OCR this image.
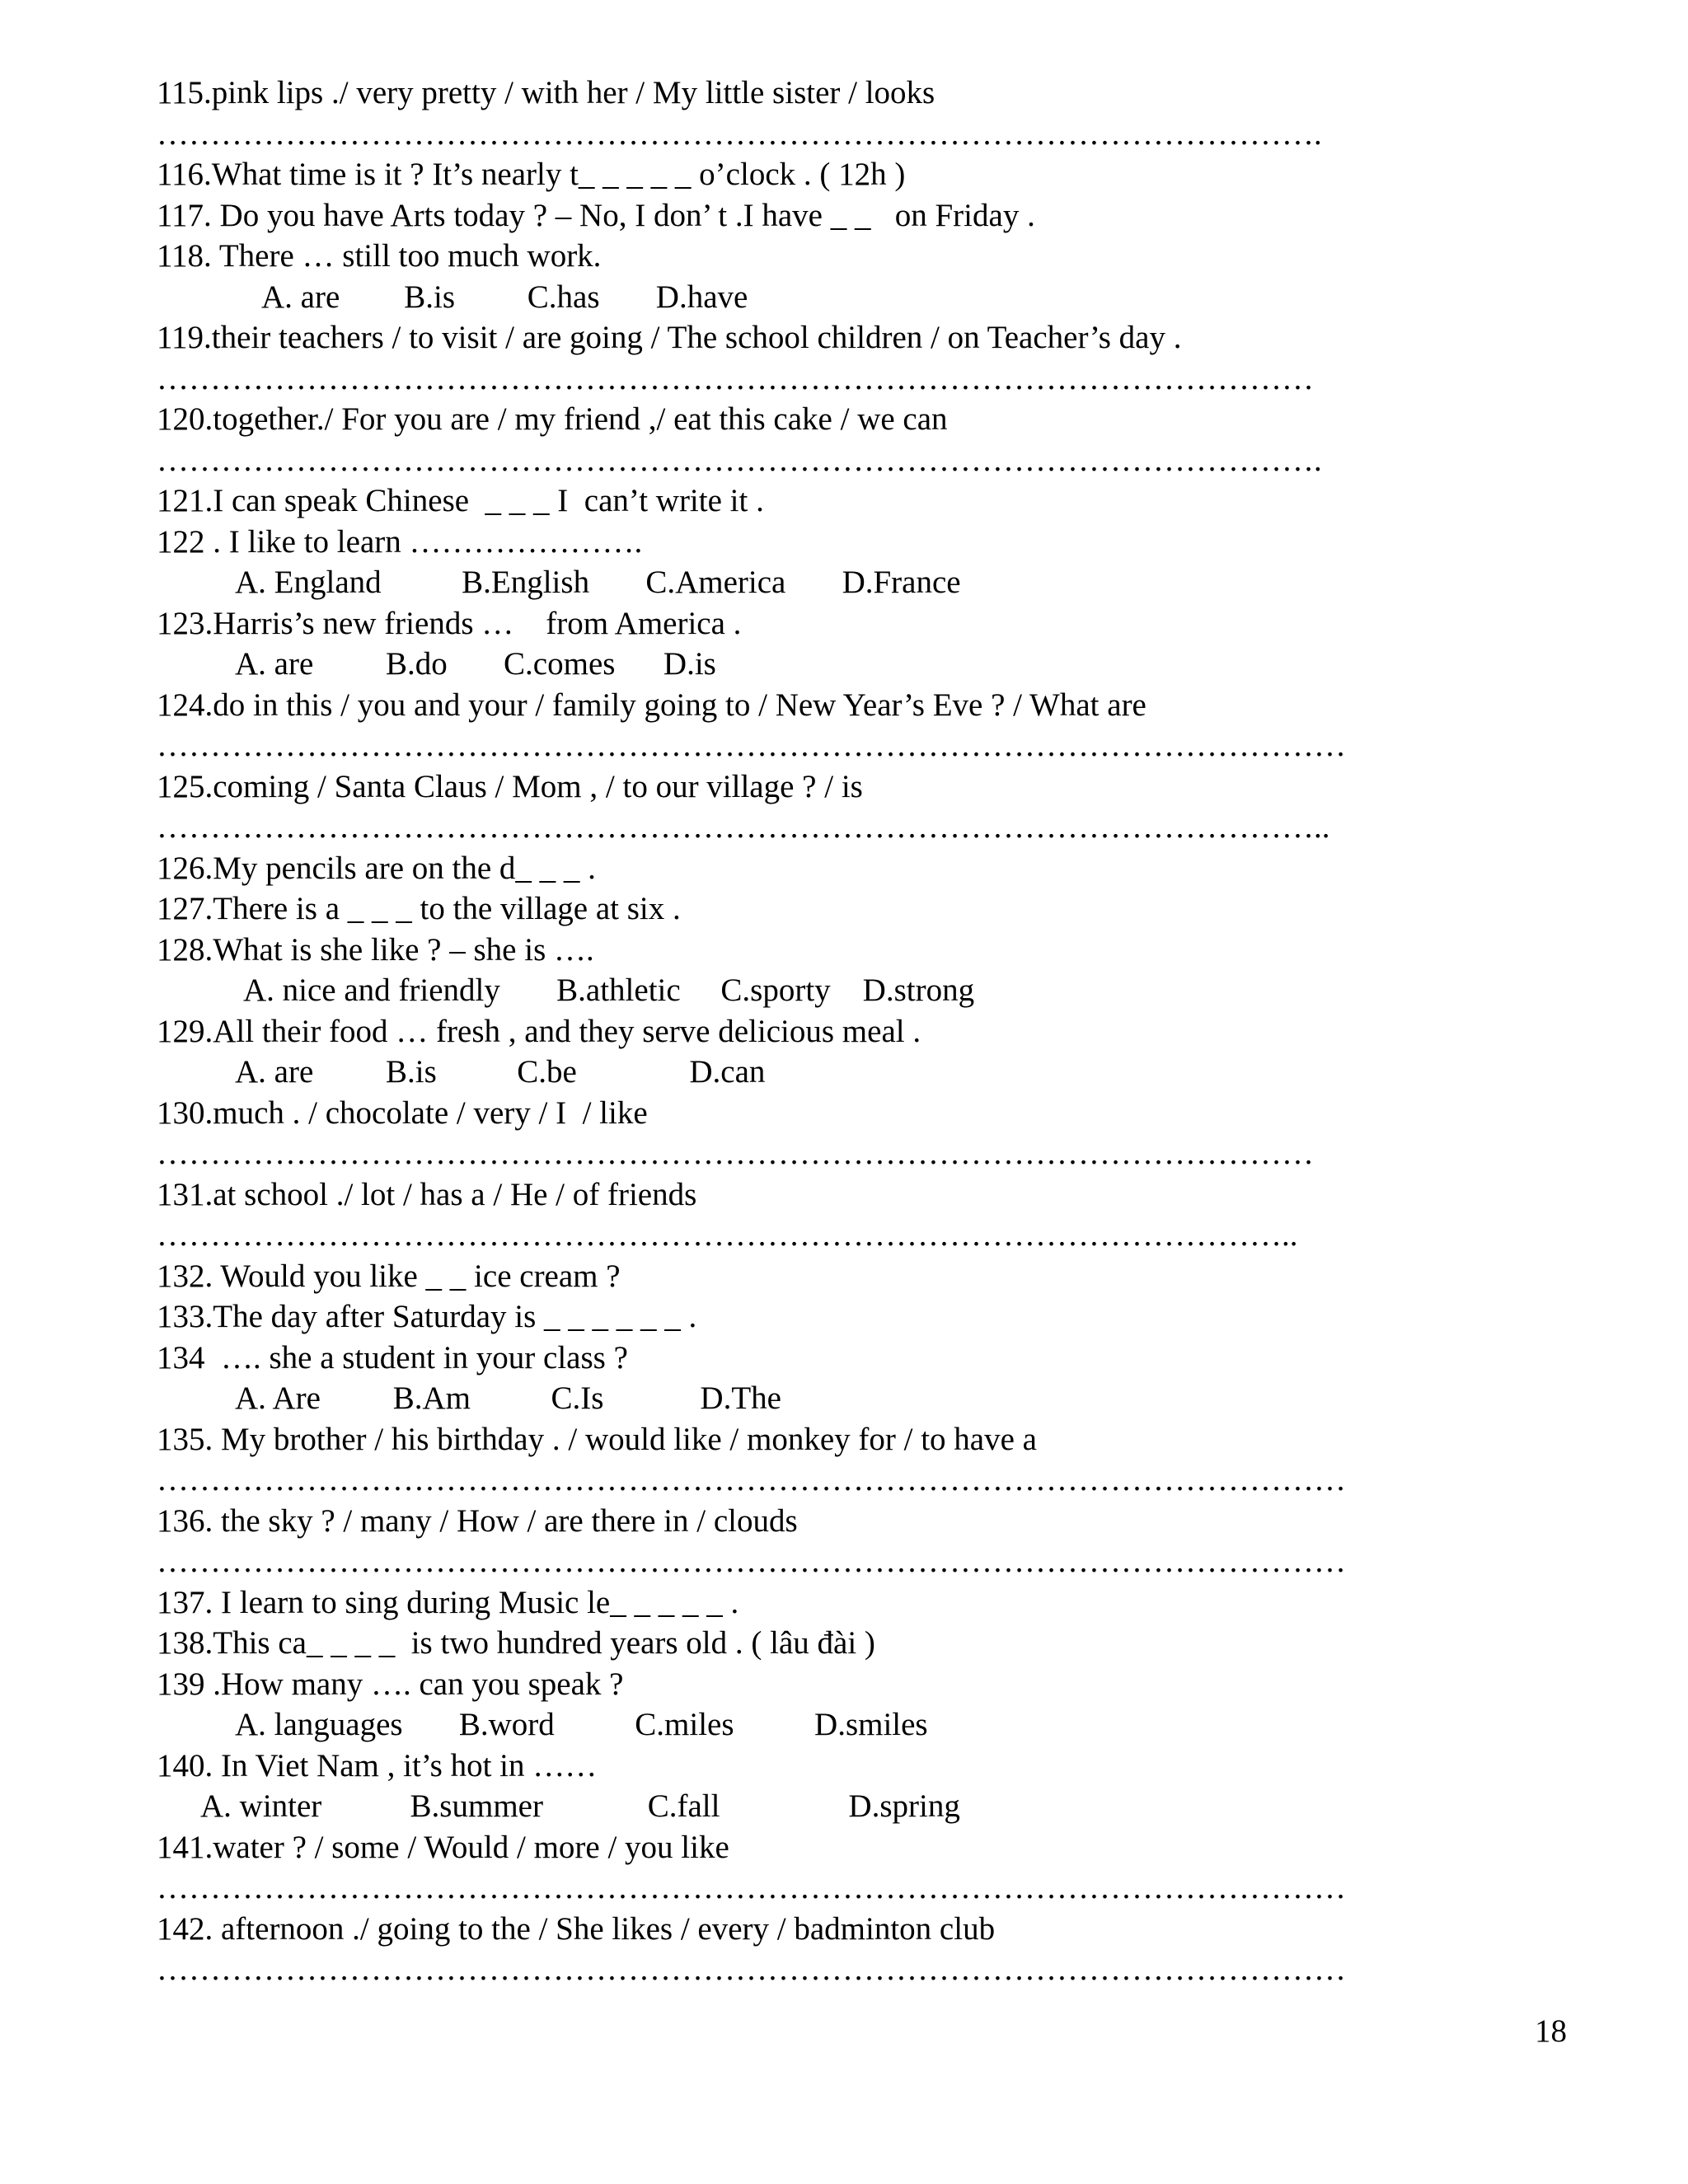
115.pink lips ./ very pretty / with her / My little sister / looks
……………………………………………………………………………………………….
116.What time is it ? It’s nearly t_ _ _ _ _ o’clock . ( 12h )
117. Do you have Arts today ? – No, I don’ t .I have _ _   on Friday .
118. There … still too much work.
A. are        B.is         C.has       D.have
119.their teachers / to visit / are going / The school children / on Teacher’s day .
………………………………………………………………………………………………
120.together./ For you are / my friend ,/ eat this cake / we can
……………………………………………………………………………………………….
121.I can speak Chinese  _ _ _ I  can’t write it .
122 . I like to learn ………………….
A. England          B.English       C.America       D.France
123.Harris’s new friends …    from America .
A. are         B.do       C.comes      D.is
124.do in this / you and your / family going to / New Year’s Eve ? / What are
…………………………………………………………………………………………………
125.coming / Santa Claus / Mom , / to our village ? / is
………………………………………………………………………………………………..
126.My pencils are on the d_ _ _ .
127.There is a _ _ _ to the village at six .
128.What is she like ? – she is ….
A. nice and friendly       B.athletic     C.sporty    D.strong
129.All their food … fresh , and they serve delicious meal .
A. are         B.is          C.be              D.can
130.much . / chocolate / very / I  / like
………………………………………………………………………………………………
131.at school ./ lot / has a / He / of friends
……………………………………………………………………………………………..
132. Would you like _ _ ice cream ?
133.The day after Saturday is _ _ _ _ _ _ .
134  …. she a student in your class ?
A. Are         B.Am          C.Is            D.The
135. My brother / his birthday . / would like / monkey for / to have a
…………………………………………………………………………………………………
136. the sky ? / many / How / are there in / clouds
…………………………………………………………………………………………………
137. I learn to sing during Music le_ _ _ _ _ .
138.This ca_ _ _ _  is two hundred years old . ( lâu đài )
139 .How many …. can you speak ?
A. languages       B.word          C.miles          D.smiles
140. In Viet Nam , it’s hot in ……
A. winter           B.summer             C.fall                D.spring
141.water ? / some / Would / more / you like
…………………………………………………………………………………………………
142. afternoon ./ going to the / She likes / every / badminton club
…………………………………………………………………………………………………
18
